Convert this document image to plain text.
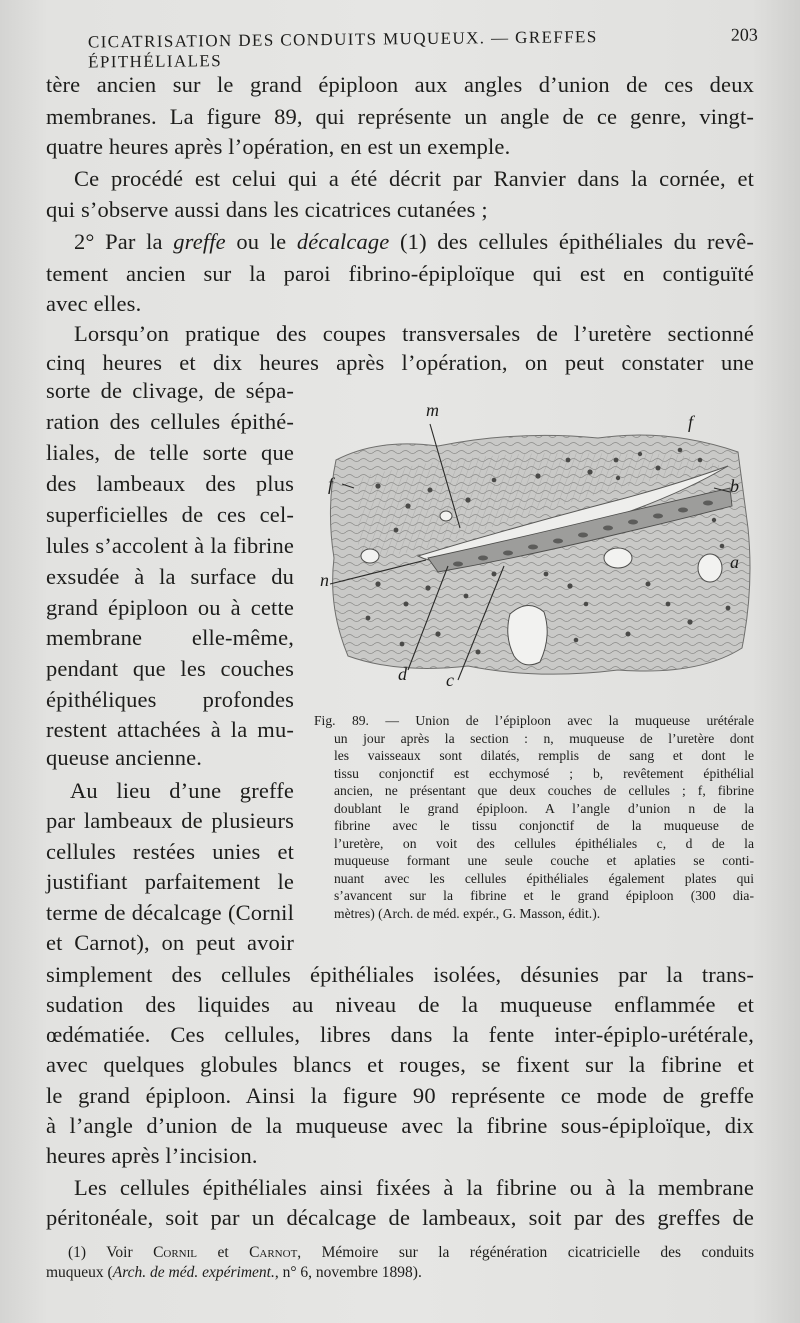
CICATRISATION DES CONDUITS MUQUEUX. — GREFFES ÉPITHÉLIALES
203
tère ancien sur le grand épiploon aux angles d’union de ces deux
membranes. La figure 89, qui représente un angle de ce genre, vingt-
quatre heures après l’opération, en est un exemple.
Ce procédé est celui qui a été décrit par Ranvier dans la cornée, et
qui s’observe aussi dans les cicatrices cutanées ;
2° Par la greffe ou le décalcage (1) des cellules épithéliales du revê-
tement ancien sur la paroi fibrino-épiploïque qui est en contiguïté
avec elles.
Lorsqu’on pratique des coupes transversales de l’uretère sectionné
cinq heures et dix heures après l’opération, on peut constater une
sorte de clivage, de sépa-
ration des cellules épithé-
liales, de telle sorte que
des lambeaux des plus
superficielles de ces cel-
lules s’accolent à la fibrine
exsudée à la surface du
grand épiploon ou à cette
membrane elle-même,
pendant que les couches
épithéliques profondes
restent attachées à la mu-
queuse ancienne.
Au lieu d’une greffe
par lambeaux de plusieurs
cellules restées unies et
justifiant parfaitement le
terme de décalcage (Cornil
et Carnot), on peut avoir
simplement des cellules épithéliales isolées, désunies par la trans-
sudation des liquides au niveau de la muqueuse enflammée et
œdématiée. Ces cellules, libres dans la fente inter-épiplo-urétérale,
avec quelques globules blancs et rouges, se fixent sur la fibrine et
le grand épiploon. Ainsi la figure 90 représente ce mode de greffe
à l’angle d’union de la muqueuse avec la fibrine sous-épiploïque, dix
heures après l’incision.
Les cellules épithéliales ainsi fixées à la fibrine ou à la membrane
péritonéale, soit par un décalcage de lambeaux, soit par des greffes de
m
f
f	b
a
n
d c
Fig. 89. — Union de l’épiploon avec la muqueuse urétérale
un jour après la section : n, muqueuse de l’uretère dont
les vaisseaux sont dilatés, remplis de sang et dont le
tissu conjonctif est ecchymosé ; b, revêtement épithélial
ancien, ne présentant que deux couches de cellules ; f, fibrine
doublant le grand épiploon. A l’angle d’union n de la
fibrine avec le tissu conjonctif de la muqueuse de
l’uretère, on voit des cellules épithéliales c, d de la
muqueuse formant une seule couche et aplaties se conti-
nuant avec les cellules épithéliales également plates qui
s’avancent sur la fibrine et le grand épiploon (300 dia-
mètres) (Arch. de méd. expér., G. Masson, édit.).
(1) Voir Cornil et Carnot, Mémoire sur la régénération cicatricielle des conduits
muqueux (Arch. de méd. expériment., n° 6, novembre 1898).
